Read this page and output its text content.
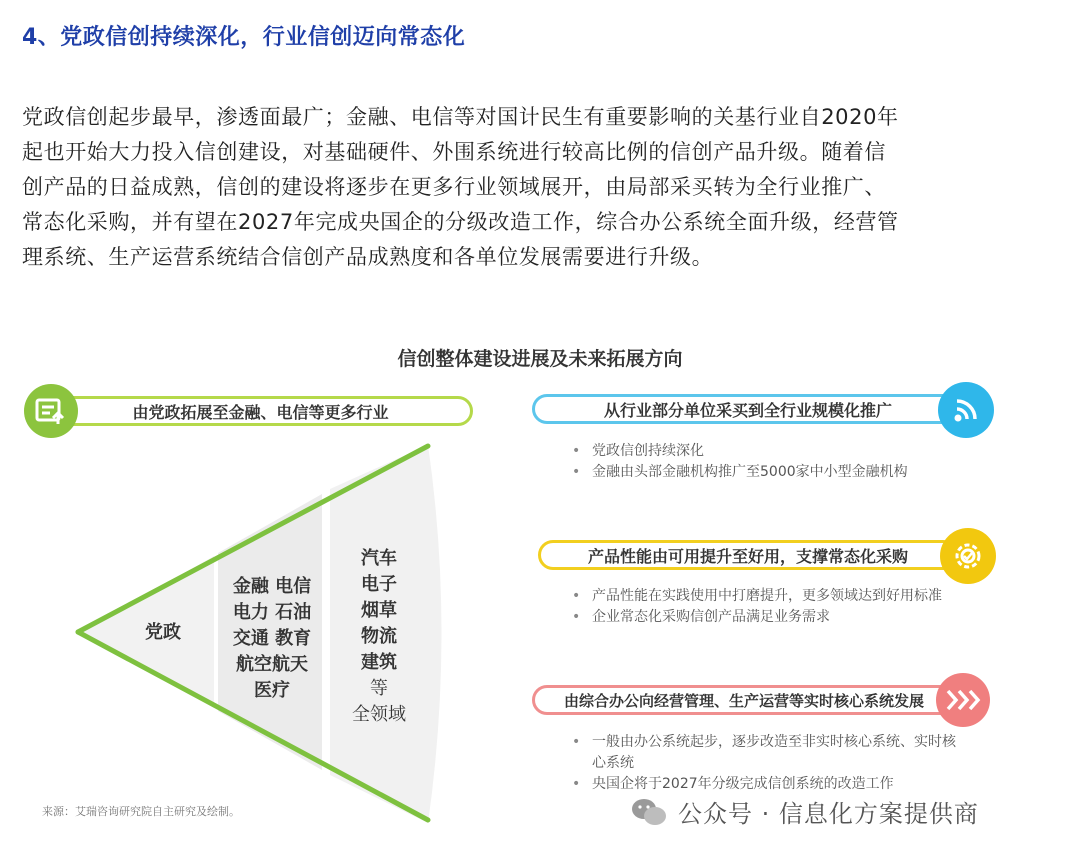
4、党政信创持续深化，行业信创迈向常态化
党政信创起步最早，渗透面最广；金融、电信等对国计民生有重要影响的关基行业自2020年
起也开始大力投入信创建设，对基础硬件、外围系统进行较高比例的信创产品升级。随着信
创产品的日益成熟，信创的建设将逐步在更多行业领域展开，由局部采买转为全行业推广、
常态化采购，并有望在2027年完成央国企的分级改造工作，综合办公系统全面升级，经营管
理系统、生产运营系统结合信创产品成熟度和各单位发展需要进行升级。
信创整体建设进展及未来拓展方向
党政
金融 电信
电力 石油
交通 教育
航空航天
医疗
汽车
电子
烟草
物流
建筑
等
全领域
由党政拓展至金融、电信等更多行业	从行业部分单位采买到全行业规模化推广
• 党政信创持续深化
• 金融由头部金融机构推广至5000家中小型金融机构
产品性能由可用提升至好用，支撑常态化采购
• 产品性能在实践使用中打磨提升，更多领域达到好用标准
• 企业常态化采购信创产品满足业务需求
由综合办公向经营管理、生产运营等实时核心系统发展
• 一般由办公系统起步，逐步改造至非实时核心系统、实时核心系统
• 央国企将于2027年分级完成信创系统的改造工作
来源：艾瑞咨询研究院自主研究及绘制。	公众号 · 信息化方案提供商
